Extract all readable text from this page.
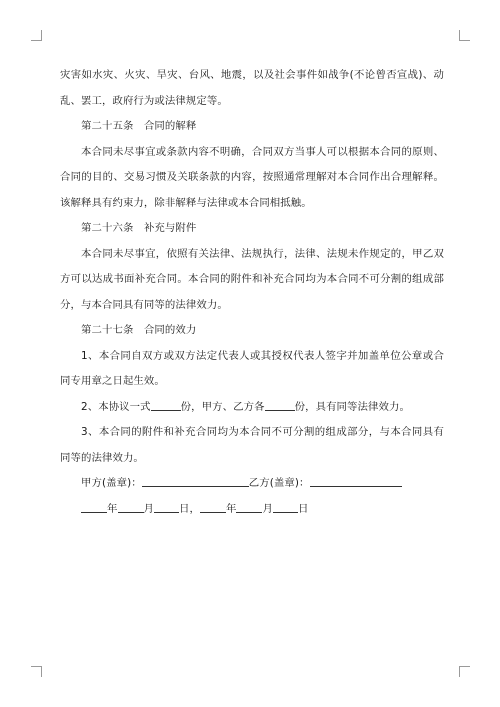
灾害如水灾、火灾、旱灾、台风、地震，以及社会事件如战争(不论曾否宣战)、动乱、罢工，政府行为或法律规定等。

第二十五条　合同的解释

本合同未尽事宜或条款内容不明确，合同双方当事人可以根据本合同的原则、合同的目的、交易习惯及关联条款的内容，按照通常理解对本合同作出合理解释。该解释具有约束力，除非解释与法律或本合同相抵触。

第二十六条　补充与附件

本合同未尽事宜，依照有关法律、法规执行，法律、法规未作规定的，甲乙双方可以达成书面补充合同。本合同的附件和补充合同均为本合同不可分割的组成部分，与本合同具有同等的法律效力。

第二十七条　合同的效力

1、本合同自双方或双方法定代表人或其授权代表人签字并加盖单位公章或合同专用章之日起生效。

2、本协议一式	份，甲方、乙方各	份，具有同等法律效力。

3、本合同的附件和补充合同均为本合同不可分割的组成部分，与本合同具有同等的法律效力。

甲方(盖章)：	乙方(盖章)：

年	月 日，	年	月 日
